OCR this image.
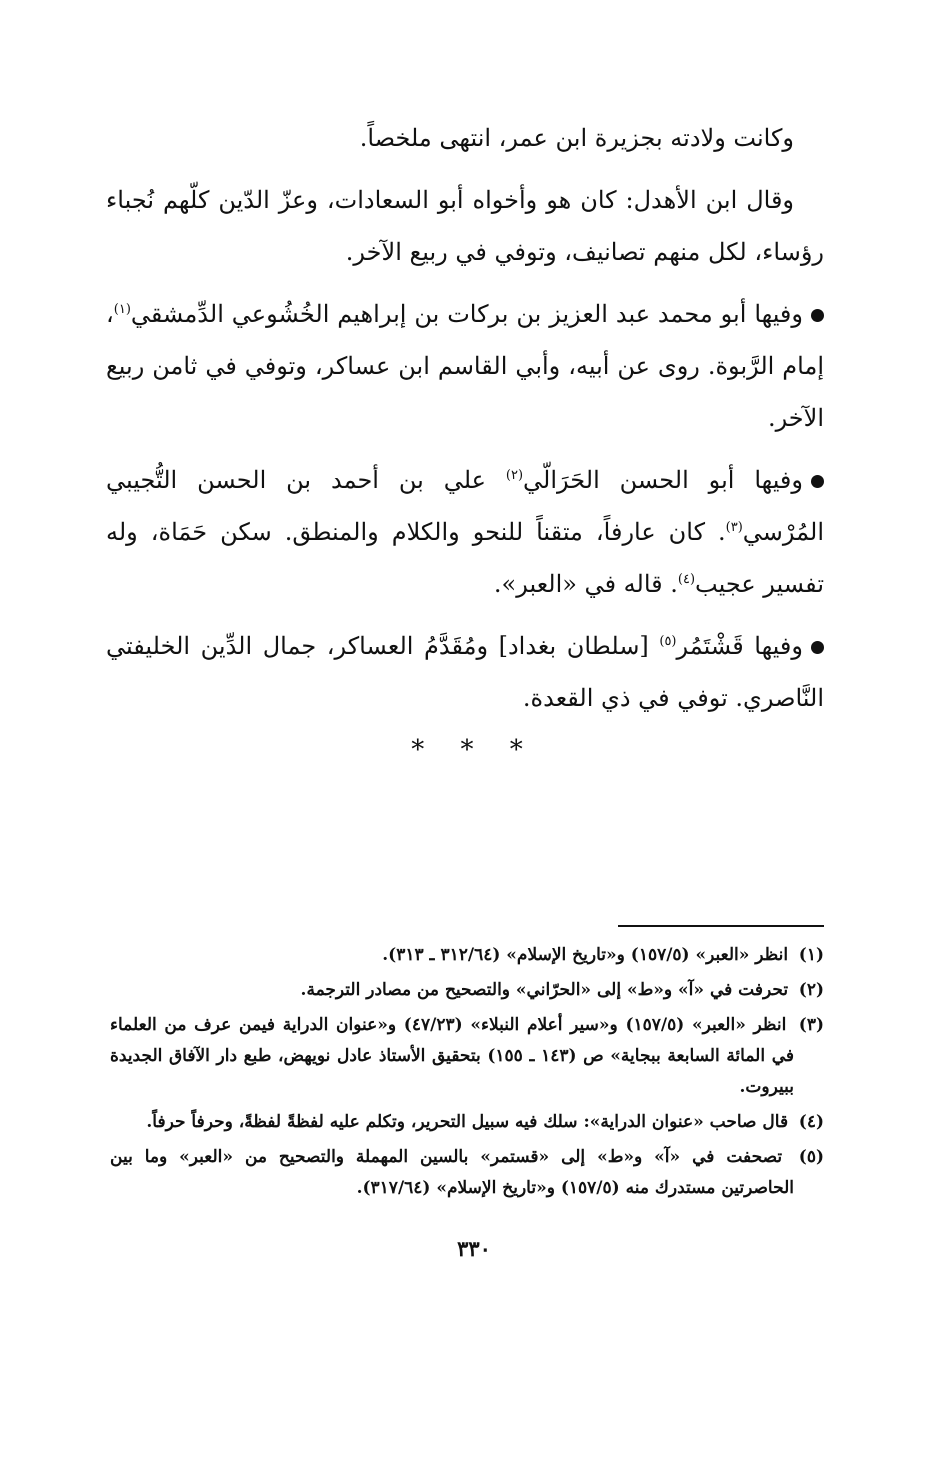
وكانت ولادته بجزيرة ابن عمر، انتهى ملخصاً.

وقال ابن الأهدل: كان هو وأخواه أبو السعادات، وعزّ الدّين كلّهم نُجباء رؤساء، لكل منهم تصانيف، وتوفي في ربيع الآخر.

وفيها أبو محمد عبد العزيز بن بركات بن إبراهيم الخُشُوعي الدِّمشقي$^{(١)}$، إمام الرَّبوة. روى عن أبيه، وأبي القاسم ابن عساكر، وتوفي في ثامن ربيع الآخر.

وفيها أبو الحسن الحَرَالّي$^{(٢)}$ علي بن أحمد بن الحسن التُّجيبي المُرْسي$^{(٣)}$. كان عارفاً، متقناً للنحو والكلام والمنطق. سكن حَمَاة، وله تفسير عجيب$^{(٤)}$. قاله في «العبر».

وفيها قَشْتَمُر$^{(٥)}$ [سلطان بغداد] ومُقَدَّمُ العساكر، جمال الدِّين الخليفتي النَّاصري. توفي في ذي القعدة.

* * *

(١) انظر «العبر» (١٥٧/٥) و«تاريخ الإسلام» (٣١٢/٦٤ ـ ٣١٣).

(٢) تحرفت في «آ» و«ط» إلى «الحرّاني» والتصحيح من مصادر الترجمة.

(٣) انظر «العبر» (١٥٧/٥) و«سير أعلام النبلاء» (٤٧/٢٣) و«عنوان الدراية فيمن عرف من العلماء في المائة السابعة ببجاية» ص (١٤٣ ـ ١٥٥) بتحقيق الأستاذ عادل نويهض، طبع دار الآفاق الجديدة ببيروت.

(٤) قال صاحب «عنوان الدراية»: سلك فيه سبيل التحرير، وتكلم عليه لفظةً لفظةً، وحرفاً حرفاً.

(٥) تصحفت في «آ» و«ط» إلى «قستمر» بالسين المهملة والتصحيح من «العبر» وما بين الحاصرتين مستدرك منه (١٥٧/٥) و«تاريخ الإسلام» (٣١٧/٦٤).

٣٣٠
